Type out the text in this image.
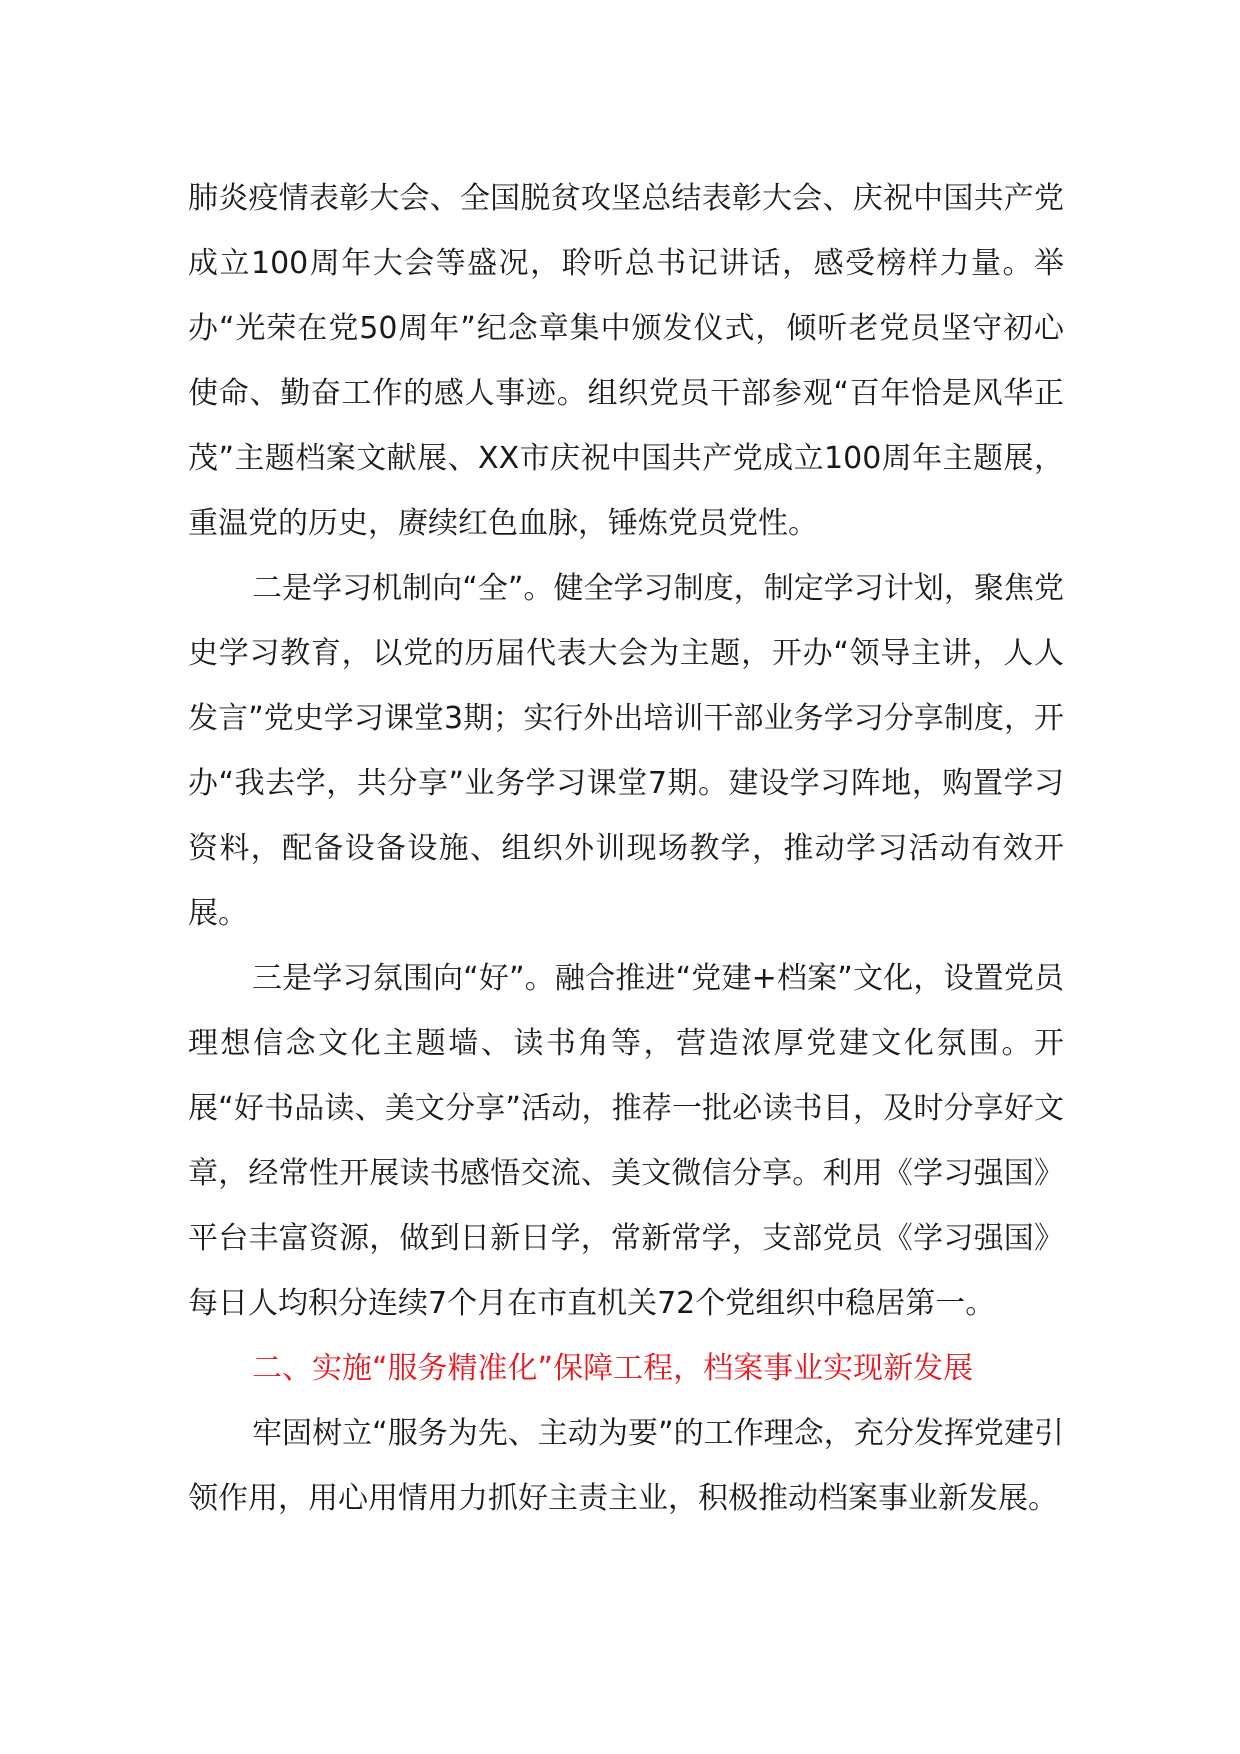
肺炎疫情表彰大会、全国脱贫攻坚总结表彰大会、庆祝中国共产党成立100周年大会等盛况，聆听总书记讲话，感受榜样力量。举办“光荣在党50周年”纪念章集中颁发仪式，倾听老党员坚守初心使命、勤奋工作的感人事迹。组织党员干部参观“百年恰是风华正茂”主题档案文献展、XX市庆祝中国共产党成立100周年主题展，重温党的历史，赓续红色血脉，锤炼党员党性。

二是学习机制向“全”。健全学习制度，制定学习计划，聚焦党史学习教育，以党的历届代表大会为主题，开办“领导主讲，人人发言”党史学习课堂3期；实行外出培训干部业务学习分享制度，开办“我去学，共分享”业务学习课堂7期。建设学习阵地，购置学习资料，配备设备设施、组织外训现场教学，推动学习活动有效开展。

三是学习氛围向“好”。融合推进“党建+档案”文化，设置党员理想信念文化主题墙、读书角等，营造浓厚党建文化氛围。开展“好书品读、美文分享”活动，推荐一批必读书目，及时分享好文章，经常性开展读书感悟交流、美文微信分享。利用《学习强国》平台丰富资源，做到日新日学，常新常学，支部党员《学习强国》每日人均积分连续7个月在市直机关72个党组织中稳居第一。

二、实施“服务精准化”保障工程，档案事业实现新发展

牢固树立“服务为先、主动为要”的工作理念，充分发挥党建引领作用，用心用情用力抓好主责主业，积极推动档案事业新发展。
